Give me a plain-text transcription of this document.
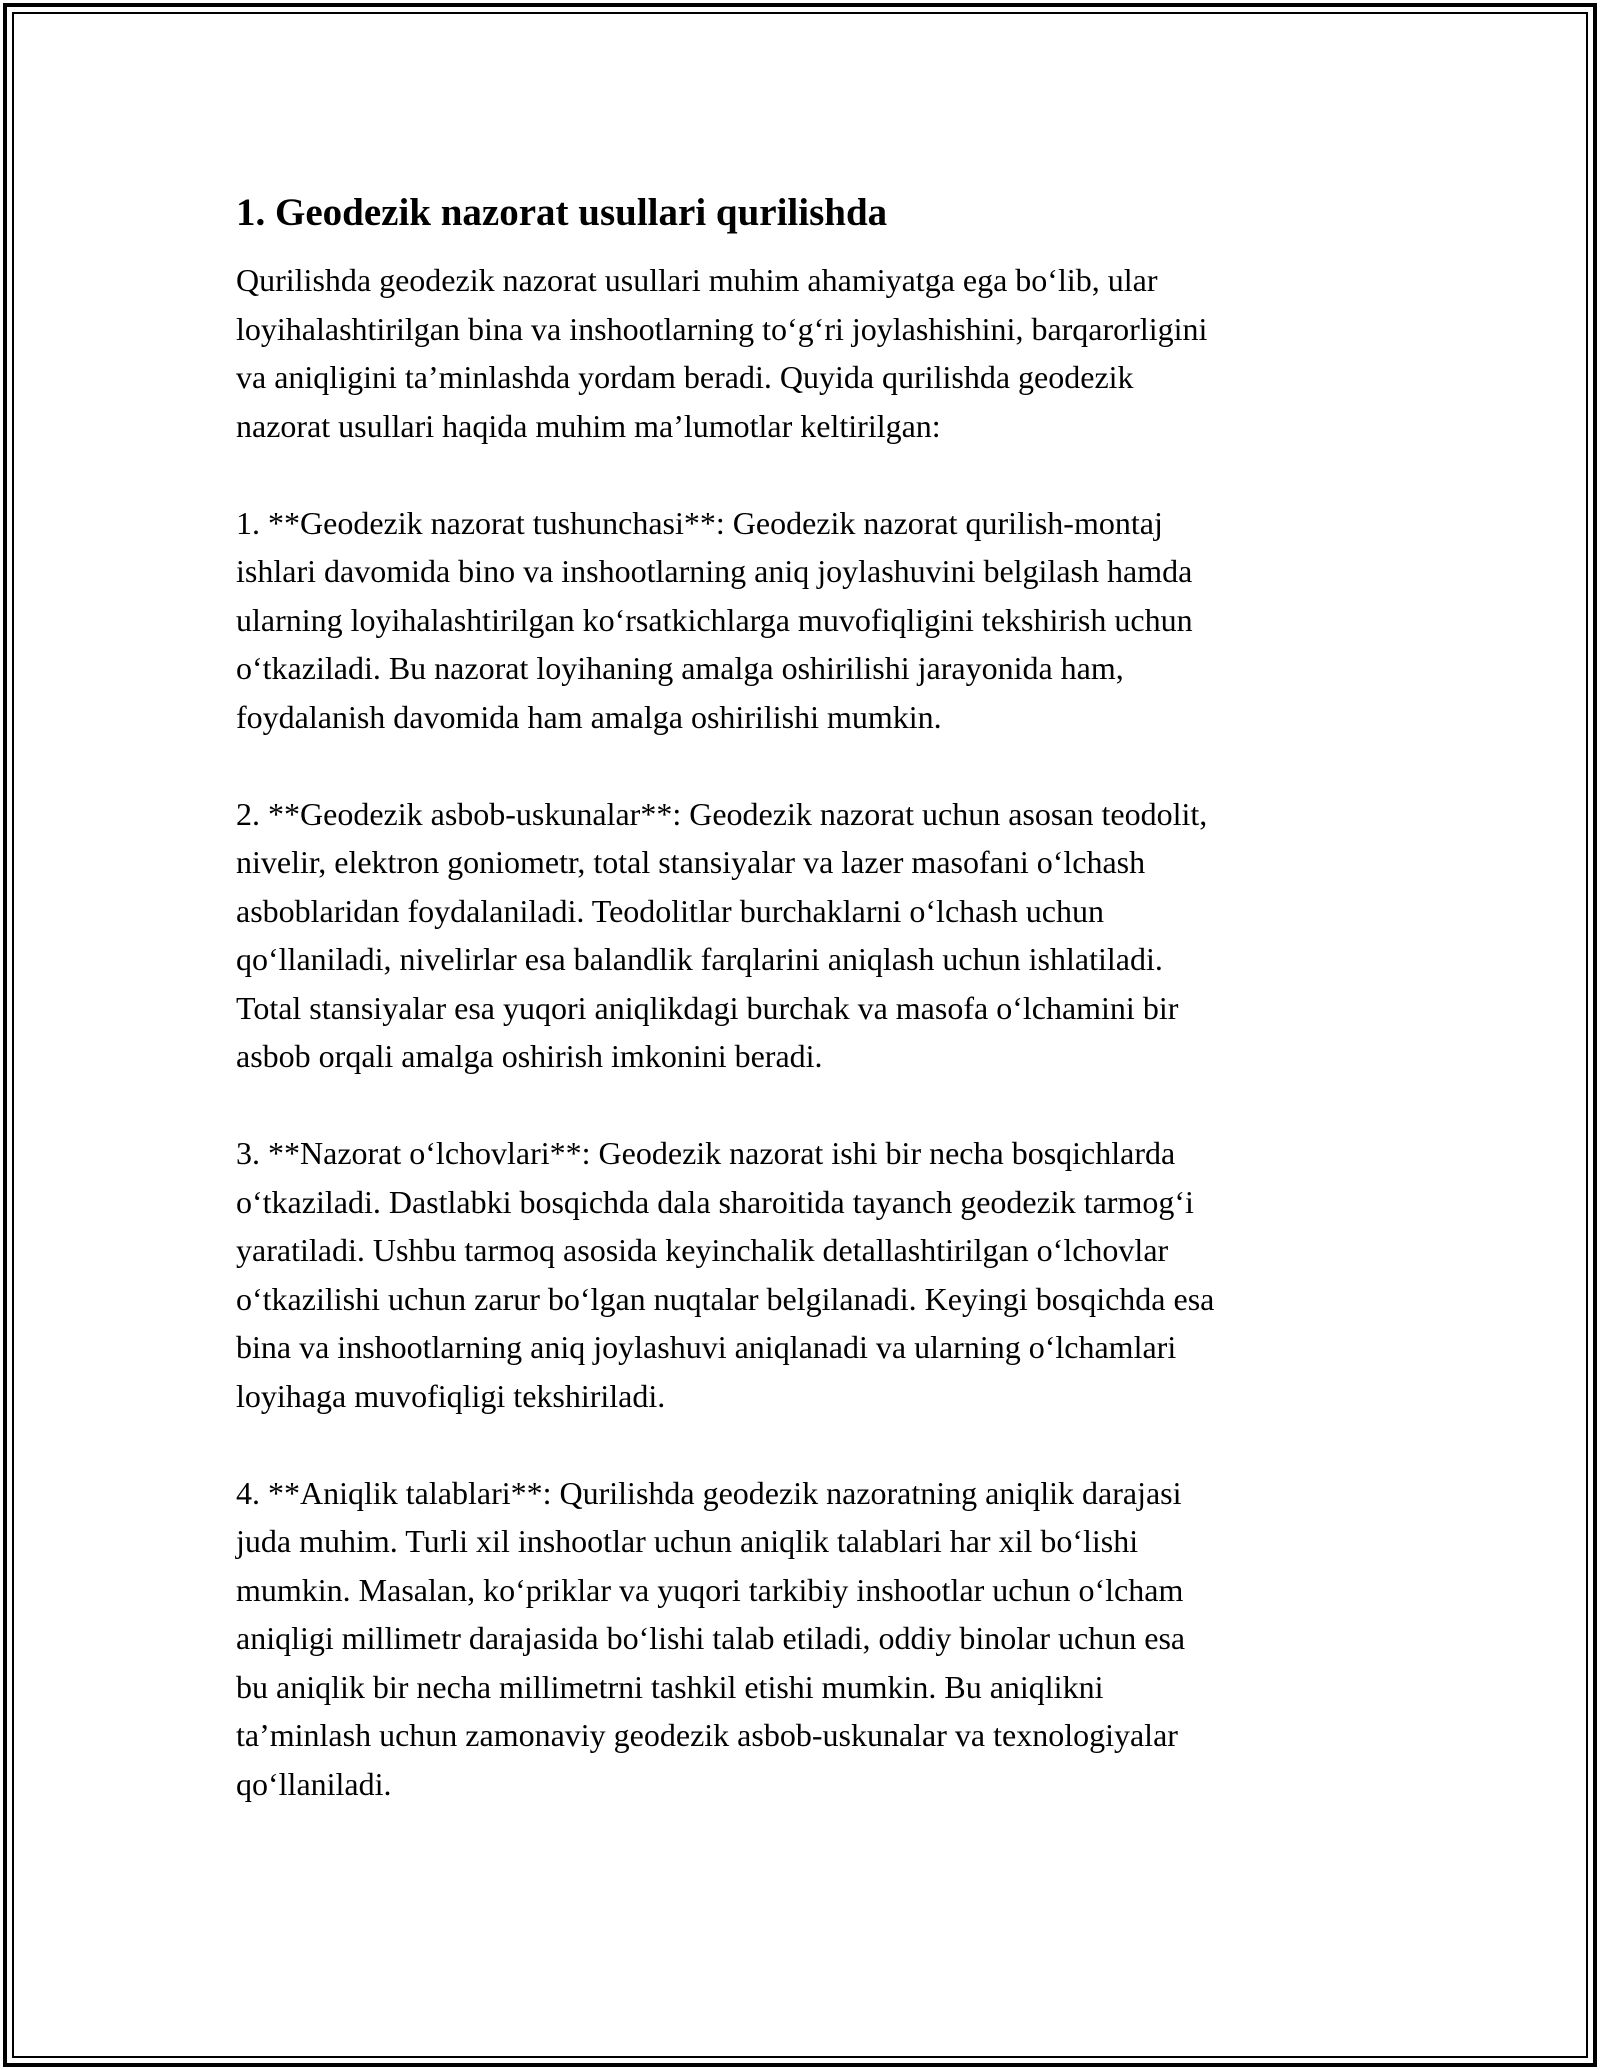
1. Geodezik nazorat usullari qurilishda

Qurilishda geodezik nazorat usullari muhim ahamiyatga ega bo‘lib, ular
loyihalashtirilgan bina va inshootlarning to‘g‘ri joylashishini, barqarorligini
va aniqligini ta’minlashda yordam beradi. Quyida qurilishda geodezik
nazorat usullari haqida muhim ma’lumotlar keltirilgan:

1. **Geodezik nazorat tushunchasi**: Geodezik nazorat qurilish-montaj
ishlari davomida bino va inshootlarning aniq joylashuvini belgilash hamda
ularning loyihalashtirilgan ko‘rsatkichlarga muvofiqligini tekshirish uchun
o‘tkaziladi. Bu nazorat loyihaning amalga oshirilishi jarayonida ham,
foydalanish davomida ham amalga oshirilishi mumkin.

2. **Geodezik asbob-uskunalar**: Geodezik nazorat uchun asosan teodolit,
nivelir, elektron goniometr, total stansiyalar va lazer masofani o‘lchash
asboblaridan foydalaniladi. Teodolitlar burchaklarni o‘lchash uchun
qo‘llaniladi, nivelirlar esa balandlik farqlarini aniqlash uchun ishlatiladi.
Total stansiyalar esa yuqori aniqlikdagi burchak va masofa o‘lchamini bir
asbob orqali amalga oshirish imkonini beradi.

3. **Nazorat o‘lchovlari**: Geodezik nazorat ishi bir necha bosqichlarda
o‘tkaziladi. Dastlabki bosqichda dala sharoitida tayanch geodezik tarmog‘i
yaratiladi. Ushbu tarmoq asosida keyinchalik detallashtirilgan o‘lchovlar
o‘tkazilishi uchun zarur bo‘lgan nuqtalar belgilanadi. Keyingi bosqichda esa
bina va inshootlarning aniq joylashuvi aniqlanadi va ularning o‘lchamlari
loyihaga muvofiqligi tekshiriladi.

4. **Aniqlik talablari**: Qurilishda geodezik nazoratning aniqlik darajasi
juda muhim. Turli xil inshootlar uchun aniqlik talablari har xil bo‘lishi
mumkin. Masalan, ko‘priklar va yuqori tarkibiy inshootlar uchun o‘lcham
aniqligi millimetr darajasida bo‘lishi talab etiladi, oddiy binolar uchun esa
bu aniqlik bir necha millimetrni tashkil etishi mumkin. Bu aniqlikni
ta’minlash uchun zamonaviy geodezik asbob-uskunalar va texnologiyalar
qo‘llaniladi.
